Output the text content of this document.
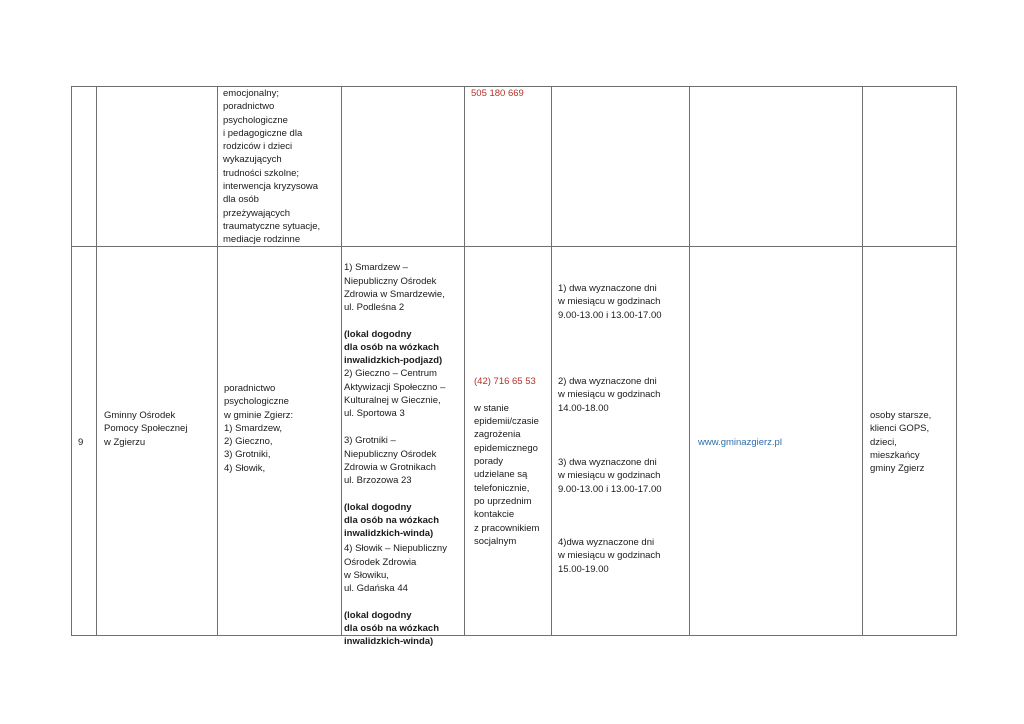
emocjonalny;
poradnictwo
psychologiczne
i pedagogiczne dla
rodziców i dzieci
wykazujących
trudności szkolne;
interwencja kryzysowa
dla osób
przeżywających
traumatyczne sytuacje,
mediacje rodzinne
505 180 669
9
Gminny Ośrodek
Pomocy Społecznej
w Zgierzu
poradnictwo
psychologiczne
w gminie Zgierz:
1) Smardzew,
2) Gieczno,
3) Grotniki,
4) Słowik,

1) Smardzew –
Niepubliczny Ośrodek
Zdrowia w Smardzewie,
ul. Podleśna 2

(lokal dogodny
dla osób na wózkach
inwalidzkich-podjazd)

2) Gieczno – Centrum
Aktywizacji Społeczno –
Kulturalnej w Giecznie,
ul. Sportowa 3

3) Grotniki –
Niepubliczny Ośrodek
Zdrowia w Grotnikach
ul. Brzozowa 23

(lokal dogodny
dla osób na wózkach
inwalidzkich-winda)

4) Słowik – Niepubliczny
Ośrodek Zdrowia
w Słowiku,
ul. Gdańska 44

(lokal dogodny
dla osób na wózkach
inwalidzkich-winda)

(42) 716 65 53

w stanie
epidemii/czasie
zagrożenia
epidemicznego
porady
udzielane są
telefonicznie,
po uprzednim
kontakcie
z pracownikiem
socjalnym

1) dwa wyznaczone dni
w miesiącu w godzinach
9.00-13.00 i 13.00-17.00
2) dwa wyznaczone dni
w miesiącu w godzinach
14.00-18.00
3) dwa wyznaczone dni
w miesiącu w godzinach
9.00-13.00 i 13.00-17.00
4)dwa wyznaczone dni
w miesiącu w godzinach
15.00-19.00
www.gminazgierz.pl
osoby starsze,
klienci GOPS,
dzieci,
mieszkańcy
gminy Zgierz
